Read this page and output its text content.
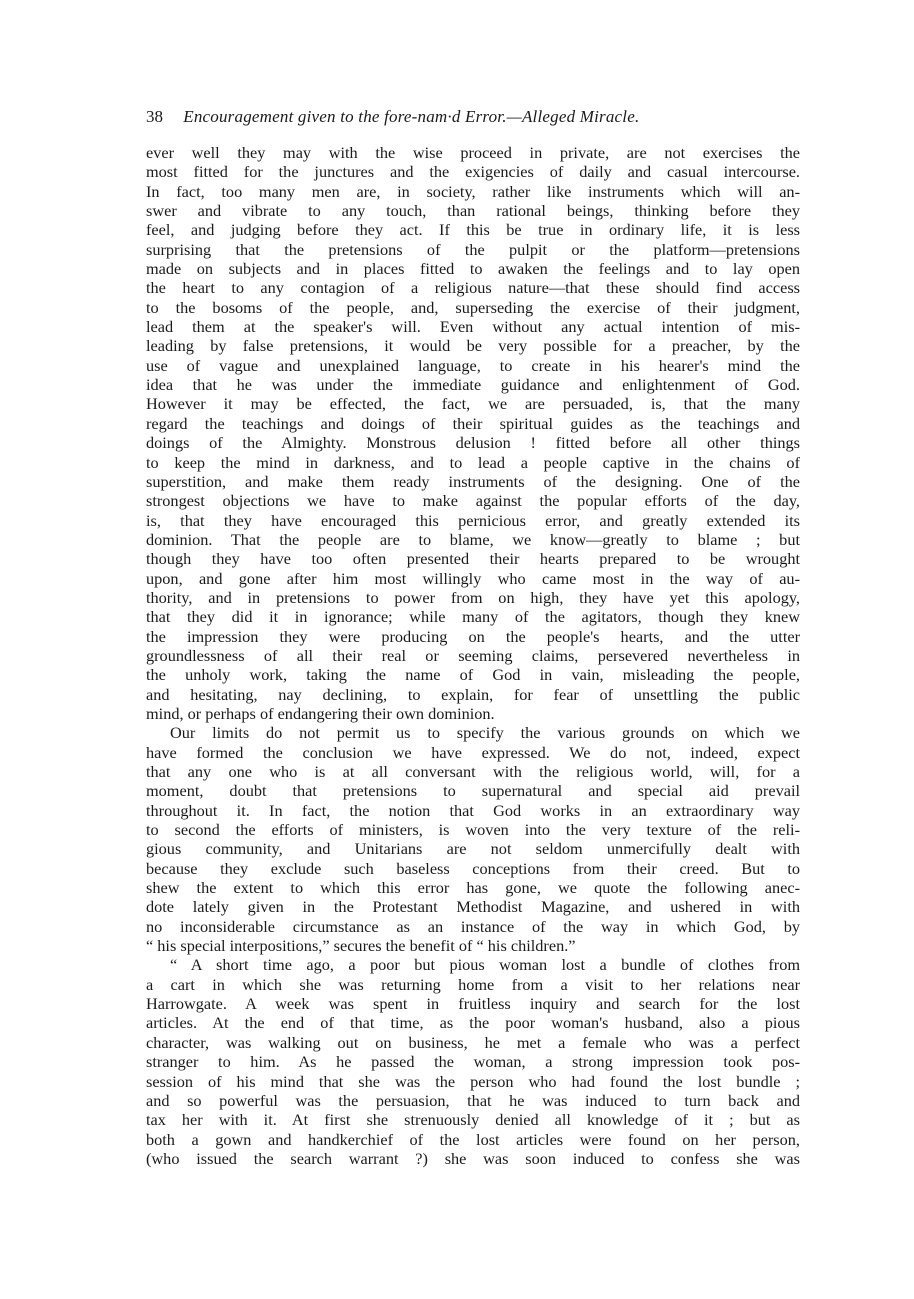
38 Encouragement given to the fore-nam·d Error.—Alleged Miracle.
ever well they may with the wise proceed in private, are not exercises the
most fitted for the junctures and the exigencies of daily and casual intercourse.
In fact, too many men are, in society, rather like instruments which will an-
swer and vibrate to any touch, than rational beings, thinking before they
feel, and judging before they act. If this be true in ordinary life, it is less
surprising that the pretensions of the pulpit or the platform—pretensions
made on subjects and in places fitted to awaken the feelings and to lay open
the heart to any contagion of a religious nature—that these should find access
to the bosoms of the people, and, superseding the exercise of their judgment,
lead them at the speaker's will. Even without any actual intention of mis-
leading by false pretensions, it would be very possible for a preacher, by the
use of vague and unexplained language, to create in his hearer's mind the
idea that he was under the immediate guidance and enlightenment of God.
However it may be effected, the fact, we are persuaded, is, that the many
regard the teachings and doings of their spiritual guides as the teachings and
doings of the Almighty. Monstrous delusion ! fitted before all other things
to keep the mind in darkness, and to lead a people captive in the chains of
superstition, and make them ready instruments of the designing. One of the
strongest objections we have to make against the popular efforts of the day,
is, that they have encouraged this pernicious error, and greatly extended its
dominion. That the people are to blame, we know—greatly to blame ; but
though they have too often presented their hearts prepared to be wrought
upon, and gone after him most willingly who came most in the way of au-
thority, and in pretensions to power from on high, they have yet this apology,
that they did it in ignorance; while many of the agitators, though they knew
the impression they were producing on the people's hearts, and the utter
groundlessness of all their real or seeming claims, persevered nevertheless in
the unholy work, taking the name of God in vain, misleading the people,
and hesitating, nay declining, to explain, for fear of unsettling the public
mind, or perhaps of endangering their own dominion.
Our limits do not permit us to specify the various grounds on which we
have formed the conclusion we have expressed. We do not, indeed, expect
that any one who is at all conversant with the religious world, will, for a
moment, doubt that pretensions to supernatural and special aid prevail
throughout it. In fact, the notion that God works in an extraordinary way
to second the efforts of ministers, is woven into the very texture of the reli-
gious community, and Unitarians are not seldom unmercifully dealt with
because they exclude such baseless conceptions from their creed. But to
shew the extent to which this error has gone, we quote the following anec-
dote lately given in the Protestant Methodist Magazine, and ushered in with
no inconsiderable circumstance as an instance of the way in which God, by
“ his special interpositions,” secures the benefit of “ his children.”
“ A short time ago, a poor but pious woman lost a bundle of clothes from
a cart in which she was returning home from a visit to her relations near
Harrowgate. A week was spent in fruitless inquiry and search for the lost
articles. At the end of that time, as the poor woman's husband, also a pious
character, was walking out on business, he met a female who was a perfect
stranger to him. As he passed the woman, a strong impression took pos-
session of his mind that she was the person who had found the lost bundle ;
and so powerful was the persuasion, that he was induced to turn back and
tax her with it. At first she strenuously denied all knowledge of it ; but as
both a gown and handkerchief of the lost articles were found on her person,
(who issued the search warrant ?) she was soon induced to confess she was
